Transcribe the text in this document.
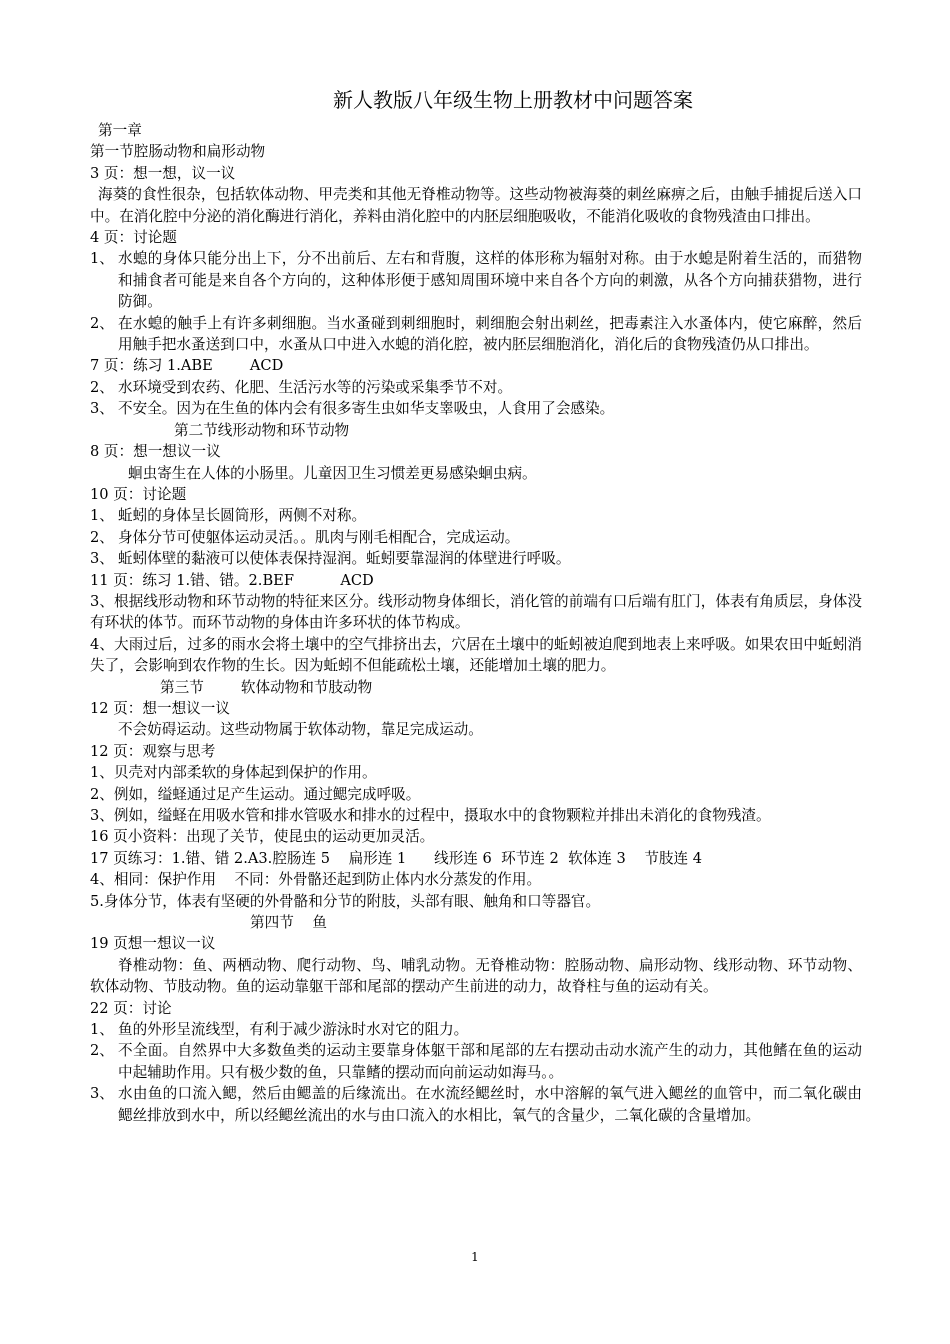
新人教版八年级生物上册教材中问题答案

第一章

第一节腔肠动物和扁形动物

3 页：想一想，议一议

海葵的食性很杂，包括软体动物、甲壳类和其他无脊椎动物等。这些动物被海葵的刺丝麻痹之后，由触手捕捉后送入口中。在消化腔中分泌的消化酶进行消化，养料由消化腔中的内胚层细胞吸收，不能消化吸收的食物残渣由口排出。

4 页：讨论题

1、 水螅的身体只能分出上下，分不出前后、左右和背腹，这样的体形称为辐射对称。由于水螅是附着生活的，而猎物和捕食者可能是来自各个方向的，这种体形便于感知周围环境中来自各个方向的刺激，从各个方向捕获猎物，进行防御。
2、 在水螅的触手上有许多刺细胞。当水蚤碰到刺细胞时，刺细胞会射出刺丝，把毒素注入水蚤体内，使它麻醉，然后用触手把水蚤送到口中，水蚤从口中进入水螅的消化腔，被内胚层细胞消化，消化后的食物残渣仍从口排出。

7 页：练习 1.ABE        ACD

2、 水环境受到农药、化肥、生活污水等的污染或采集季节不对。
3、 不安全。因为在生鱼的体内会有很多寄生虫如华支睾吸虫，人食用了会感染。

第二节线形动物和环节动物

8 页：想一想议一议

蛔虫寄生在人体的小肠里。儿童因卫生习惯差更易感染蛔虫病。

10 页：讨论题

1、 蚯蚓的身体呈长圆筒形，两侧不对称。
2、 身体分节可使躯体运动灵活。。肌肉与刚毛相配合，完成运动。
3、 蚯蚓体壁的黏液可以使体表保持湿润。蚯蚓要靠湿润的体壁进行呼吸。

11 页：练习 1.错、错。2.BEF          ACD

3、根据线形动物和环节动物的特征来区分。线形动物身体细长，消化管的前端有口后端有肛门，体表有角质层，身体没有环状的体节。而环节动物的身体由许多环状的体节构成。

4、大雨过后，过多的雨水会将土壤中的空气排挤出去，穴居在土壤中的蚯蚓被迫爬到地表上来呼吸。如果农田中蚯蚓消失了，会影响到农作物的生长。因为蚯蚓不但能疏松土壤，还能增加土壤的肥力。

第三节        软体动物和节肢动物

12 页：想一想议一议

不会妨碍运动。这些动物属于软体动物，靠足完成运动。

12 页：观察与思考

1、贝壳对内部柔软的身体起到保护的作用。

2、例如，缢蛏通过足产生运动。通过鳃完成呼吸。

3、例如，缢蛏在用吸水管和排水管吸水和排水的过程中，摄取水中的食物颗粒并排出未消化的食物残渣。

16 页小资料：出现了关节，使昆虫的运动更加灵活。

17 页练习：1.错、错 2.A3.腔肠连 5    扁形连 1      线形连 6  环节连 2  软体连 3    节肢连 4

4、相同：保护作用    不同：外骨骼还起到防止体内水分蒸发的作用。

5.身体分节，体表有坚硬的外骨骼和分节的附肢，头部有眼、触角和口等器官。

第四节    鱼

19 页想一想议一议

脊椎动物：鱼、两栖动物、爬行动物、鸟、哺乳动物。无脊椎动物：腔肠动物、扁形动物、线形动物、环节动物、软体动物、节肢动物。鱼的运动靠躯干部和尾部的摆动产生前进的动力，故脊柱与鱼的运动有关。

22 页：讨论

1、 鱼的外形呈流线型，有利于减少游泳时水对它的阻力。
2、 不全面。自然界中大多数鱼类的运动主要靠身体躯干部和尾部的左右摆动击动水流产生的动力，其他鳍在鱼的运动中起辅助作用。只有极少数的鱼，只靠鳍的摆动而向前运动如海马。。
3、 水由鱼的口流入鳃，然后由鳃盖的后缘流出。在水流经鳃丝时，水中溶解的氧气进入鳃丝的血管中，而二氧化碳由鳃丝排放到水中，所以经鳃丝流出的水与由口流入的水相比，氧气的含量少，二氧化碳的含量增加。
1
